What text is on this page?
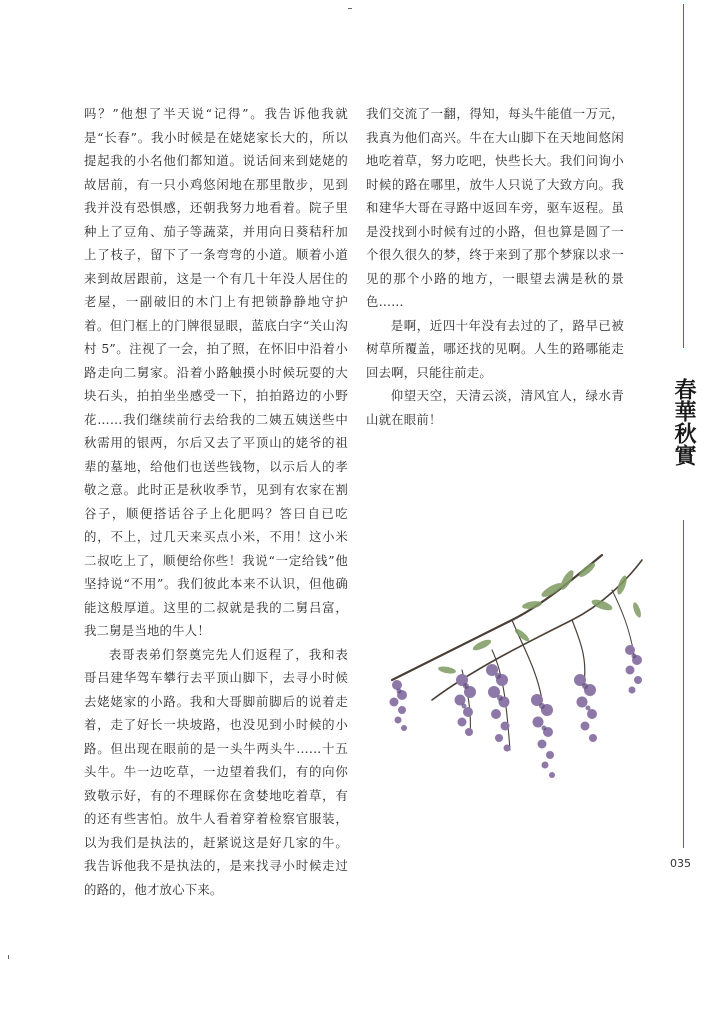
春華秋實

吗？”他想了半天说“记得”。我告诉他我就是“长春”。我小时候是在姥姥家长大的，所以提起我的小名他们都知道。说话间来到姥姥的故居前，有一只小鸡悠闲地在那里散步，见到我并没有恐惧感，还朝我努力地看着。院子里种上了豆角、茄子等蔬菜，并用向日葵秸秆加上了枝子，留下了一条弯弯的小道。顺着小道来到故居跟前，这是一个有几十年没人居住的老屋，一副破旧的木门上有把锁静静地守护着。但门框上的门牌很显眼，蓝底白字“关山沟村 5”。注视了一会，拍了照，在怀旧中沿着小路走向二舅家。沿着小路触摸小时候玩耍的大块石头，拍拍坐坐感受一下，拍拍路边的小野花……我们继续前行去给我的二姨五姨送些中秋需用的银两，尔后又去了平顶山的姥爷的祖辈的墓地，给他们也送些钱物，以示后人的孝敬之意。此时正是秋收季节，见到有农家在割谷子，顺便搭话谷子上化肥吗？答曰自已吃的，不上，过几天来买点小米，不用！这小米二叔吃上了，顺便给你些！我说“一定给钱”他坚持说“不用”。我们彼此本来不认识，但他确能这般厚道。这里的二叔就是我的二舅吕富，我二舅是当地的牛人！

表哥表弟们祭奠完先人们返程了，我和表哥吕建华驾车攀行去平顶山脚下，去寻小时候去姥姥家的小路。我和大哥脚前脚后的说着走着，走了好长一块坡路，也没见到小时候的小路。但出现在眼前的是一头牛两头牛……十五头牛。牛一边吃草，一边望着我们，有的向你致敬示好，有的不理睬你在贪婪地吃着草，有的还有些害怕。放牛人看着穿着检察官服装，以为我们是执法的，赶紧说这是好几家的牛。我告诉他我不是执法的，是来找寻小时候走过的路的，他才放心下来。

我们交流了一翻，得知，每头牛能值一万元，我真为他们高兴。牛在大山脚下在天地间悠闲地吃着草，努力吃吧，快些长大。我们问询小时候的路在哪里，放牛人只说了大致方向。我和建华大哥在寻路中返回车旁，驱车返程。虽是没找到小时候有过的小路，但也算是圆了一个很久很久的梦，终于来到了那个梦寐以求一见的那个小路的地方，一眼望去满是秋的景色……

是啊，近四十年没有去过的了，路早已被树草所覆盖，哪还找的见啊。人生的路哪能走回去啊，只能往前走。

仰望天空，天清云淡，清风宜人，绿水青山就在眼前！

035
